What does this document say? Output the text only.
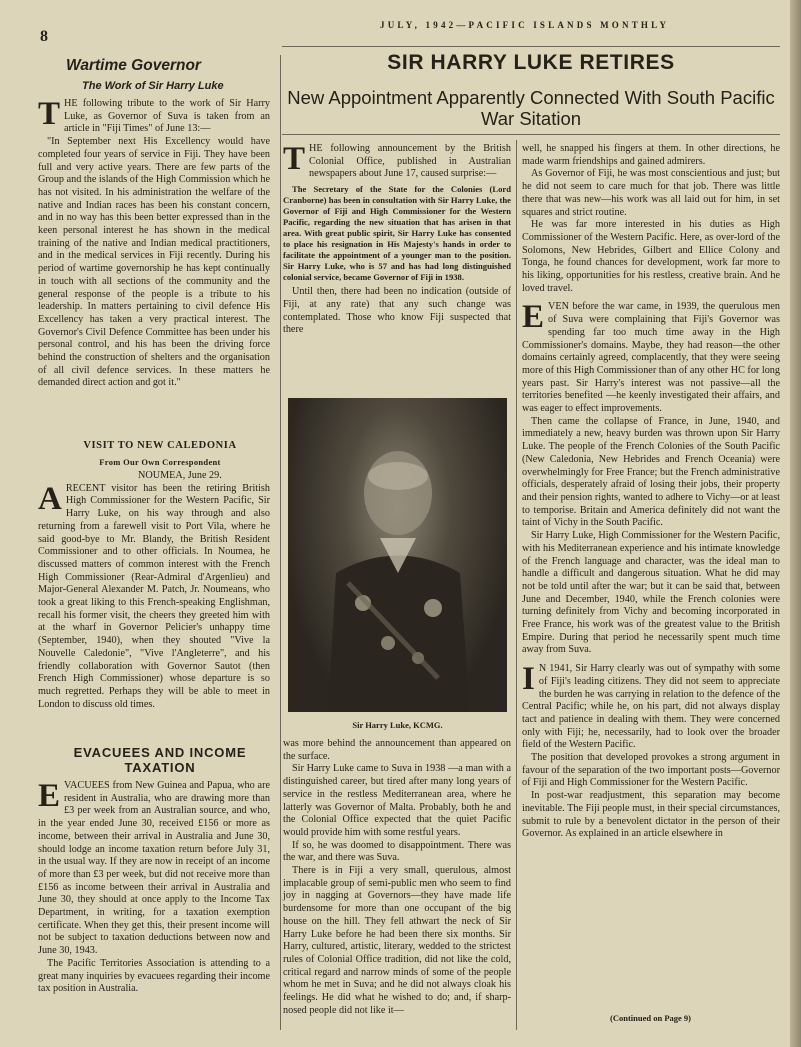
8
JULY, 1942—PACIFIC ISLANDS MONTHLY
Wartime Governor
The Work of Sir Harry Luke

THE following tribute to the work of Sir Harry Luke, as Governor of Suva is taken from an article in "Fiji Times" of June 13:—

"In September next His Excellency would have completed four years of service in Fiji. They have been full and very active years. There are few parts of the Group and the islands of the High Commission which he has not visited. In his administration the welfare of the native and Indian races has been his constant concern, and in no way has this been better expressed than in the keen personal interest he has shown in the medical training of the native and Indian medical practitioners, and in the medical services in Fiji recently. During his period of wartime governorship he has kept continually in touch with all sections of the community and the general response of the people is a tribute to his leadership. In matters pertaining to civil defence His Excellency has taken a very practical interest. The Governor's Civil Defence Committee has been under his personal control, and his has been the driving force behind the construction of shelters and the organisation of all civil defence services. In these matters he demanded direct action and got it."

VISIT TO NEW CALEDONIA
From Our Own Correspondent

NOUMEA, June 29.

ARECENT visitor has been the retiring British High Commissioner for the Western Pacific, Sir Harry Luke, on his way through and also returning from a farewell visit to Port Vila, where he said good-bye to Mr. Blandy, the British Resident Commissioner and to other officials. In Noumea, he discussed matters of common interest with the French High Commissioner (Rear-Admiral d'Argenlieu) and Major-General Alexander M. Patch, Jr. Noumeans, who took a great liking to this French-speaking Englishman, recall his former visit, the cheers they greeted him with at the wharf in Governor Pelicier's unhappy time (September, 1940), when they shouted "Vive la Nouvelle Caledonie", "Vive l'Angleterre", and his friendly collaboration with Governor Sautot (then French High Commissioner) whose departure is so much regretted. Perhaps they will be able to meet in London to discuss old times.

EVACUEES AND INCOME TAXATION

EVACUEES from New Guinea and Papua, who are resident in Australia, who are drawing more than £3 per week from an Australian source, and who, in the year ended June 30, received £156 or more as income, between their arrival in Australia and June 30, should lodge an income taxation return before July 31, in the usual way. If they are now in receipt of an income of more than £3 per week, but did not receive more than £156 as income between their arrival in Australia and June 30, they should at once apply to the Income Tax Department, in writing, for a taxation exemption certificate. When they get this, their present income will not be subject to taxation deductions between now and June 30, 1943.

The Pacific Territories Association is attending to a great many inquiries by evacuees regarding their income tax position in Australia.

SIR HARRY LUKE RETIRES
New Appointment Apparently Connected With South Pacific War Sitation

THE following announcement by the British Colonial Office, published in Australian newspapers about June 17, caused surprise:—

The Secretary of the State for the Colonies (Lord Cranborne) has been in consultation with Sir Harry Luke, the Governor of Fiji and High Commissioner for the Western Pacific, regarding the new situation that has arisen in that area. With great public spirit, Sir Harry Luke has consented to place his resignation in His Majesty's hands in order to facilitate the appointment of a younger man to the position. Sir Harry Luke, who is 57 and has had long distinguished colonial service, became Governor of Fiji in 1938.

Until then, there had been no indication (outside of Fiji, at any rate) that any such change was contemplated. Those who know Fiji suspected that there

Sir Harry Luke, KCMG.

was more behind the announcement than appeared on the surface.

Sir Harry Luke came to Suva in 1938 —a man with a distinguished career, but tired after many long years of service in the restless Mediterranean area, where he latterly was Governor of Malta. Probably, both he and the Colonial Office expected that the quiet Pacific would provide him with some restful years.

If so, he was doomed to disappointment. There was the war, and there was Suva.

There is in Fiji a very small, querulous, almost implacable group of semi-public men who seem to find joy in nagging at Governors—they have made life burdensome for more than one occupant of the big house on the hill. They fell athwart the neck of Sir Harry Luke before he had been there six months. Sir Harry, cultured, artistic, literary, wedded to the strictest rules of Colonial Office tradition, did not like the cold, critical regard and narrow minds of some of the people whom he met in Suva; and he did not always cloak his feelings. He did what he wished to do; and, if sharp-nosed people did not like it—

well, he snapped his fingers at them. In other directions, he made warm friendships and gained admirers.

As Governor of Fiji, he was most conscientious and just; but he did not seem to care much for that job. There was little there that was new—his work was all laid out for him, in set squares and strict routine.

He was far more interested in his duties as High Commissioner of the Western Pacific. Here, as over-lord of the Solomons, New Hebrides, Gilbert and Ellice Colony and Tonga, he found chances for development, work far more to his liking, opportunities for his restless, creative brain. And he loved travel.

EVEN before the war came, in 1939, the querulous men of Suva were complaining that Fiji's Governor was spending far too much time away in the High Commissioner's domains. Maybe, they had reason—the other domains certainly agreed, complacently, that they were seeing more of this High Commissioner than of any other HC for long years past. Sir Harry's interest was not passive—all the territories benefited —he keenly investigated their affairs, and was eager to effect improvements.

Then came the collapse of France, in June, 1940, and immediately a new, heavy burden was thrown upon Sir Harry Luke. The people of the French Colonies of the South Pacific (New Caledonia, New Hebrides and French Oceania) were overwhelmingly for Free France; but the French administrative officials, desperately afraid of losing their jobs, their property and their pension rights, wanted to adhere to Vichy—or at least to temporise. Britain and America definitely did not want the taint of Vichy in the South Pacific.

Sir Harry Luke, High Commissioner for the Western Pacific, with his Mediterranean experience and his intimate knowledge of the French language and character, was the ideal man to handle a difficult and dangerous situation. What he did may not be told until after the war; but it can be said that, between June and December, 1940, while the French colonies were turning definitely from Vichy and becoming incorporated in Free France, his work was of the greatest value to the British Empire. During that period he necessarily spent much time away from Suva.

I N 1941, Sir Harry clearly was out of sympathy with some of Fiji's leading citizens. They did not seem to appreciate the burden he was carrying in relation to the defence of the Central Pacific; while he, on his part, did not always display tact and patience in dealing with them. They were concerned only with Fiji; he, necessarily, had to look over the broader field of the Western Pacific.

The position that developed provokes a strong argument in favour of the separation of the two important posts—Governor of Fiji and High Commissioner for the Western Pacific.

In post-war readjustment, this separation may become inevitable. The Fiji people must, in their special circumstances, submit to rule by a benevolent dictator in the person of their Governor. As explained in an article elsewhere in

(Continued on Page 9)
